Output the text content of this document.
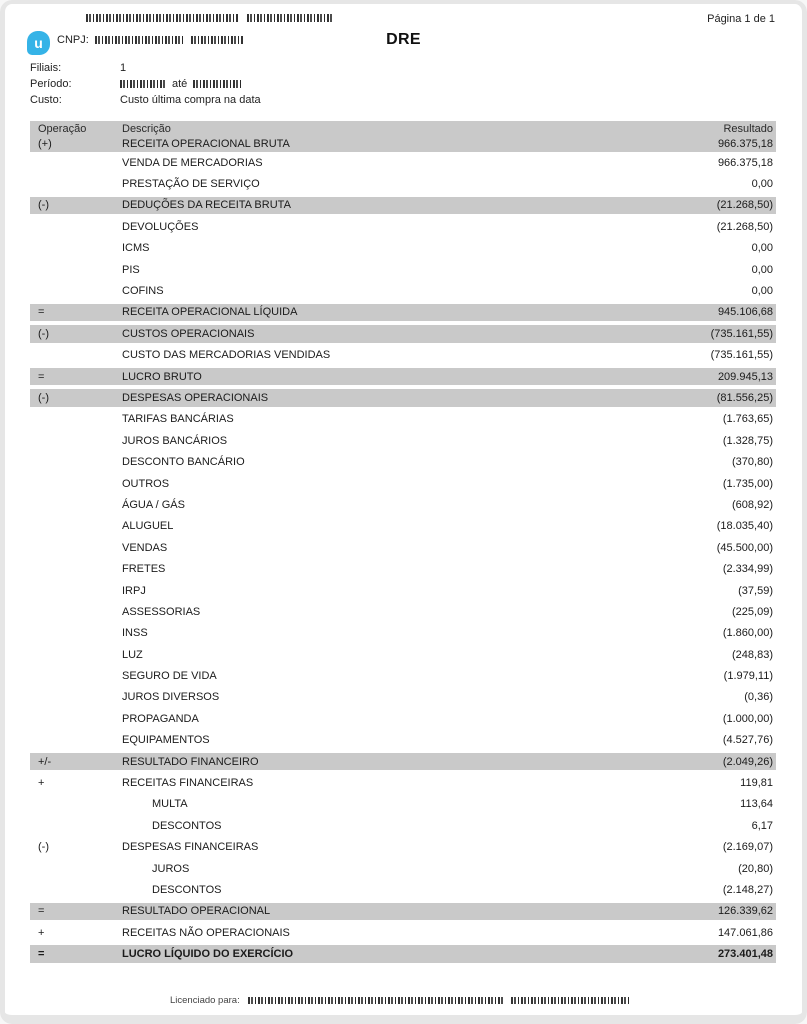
Página 1 de 1
u CNPJ:	DRE
Filiais:	1
Período:	até
Custo:	Custo última compra na data
Operação	Descrição	Resultado
(+)	RECEITA OPERACIONAL BRUTA	966.375,18
VENDA DE MERCADORIAS	966.375,18
PRESTAÇÃO DE SERVIÇO	0,00
(-)	DEDUÇÕES DA RECEITA BRUTA	(21.268,50)
DEVOLUÇÕES	(21.268,50)
ICMS	0,00
PIS	0,00
COFINS	0,00
=	RECEITA OPERACIONAL LÍQUIDA	945.106,68
(-)	CUSTOS OPERACIONAIS	(735.161,55)
CUSTO DAS MERCADORIAS VENDIDAS	(735.161,55)
=	LUCRO BRUTO	209.945,13
(-)	DESPESAS OPERACIONAIS	(81.556,25)
TARIFAS BANCÁRIAS	(1.763,65)
JUROS BANCÁRIOS	(1.328,75)
DESCONTO BANCÁRIO	(370,80)
OUTROS	(1.735,00)
ÁGUA / GÁS	(608,92)
ALUGUEL	(18.035,40)
VENDAS	(45.500,00)
FRETES	(2.334,99)
IRPJ	(37,59)
ASSESSORIAS	(225,09)
INSS	(1.860,00)
LUZ	(248,83)
SEGURO DE VIDA	(1.979,11)
JUROS DIVERSOS	(0,36)
PROPAGANDA	(1.000,00)
EQUIPAMENTOS	(4.527,76)
+/-	RESULTADO FINANCEIRO	(2.049,26)
+	RECEITAS FINANCEIRAS	119,81
MULTA	113,64
DESCONTOS	6,17
(-)	DESPESAS FINANCEIRAS	(2.169,07)
JUROS	(20,80)
DESCONTOS	(2.148,27)
=	RESULTADO OPERACIONAL	126.339,62
+	RECEITAS NÃO OPERACIONAIS	147.061,86
=	LUCRO LÍQUIDO DO EXERCÍCIO	273.401,48
Licenciado para:
